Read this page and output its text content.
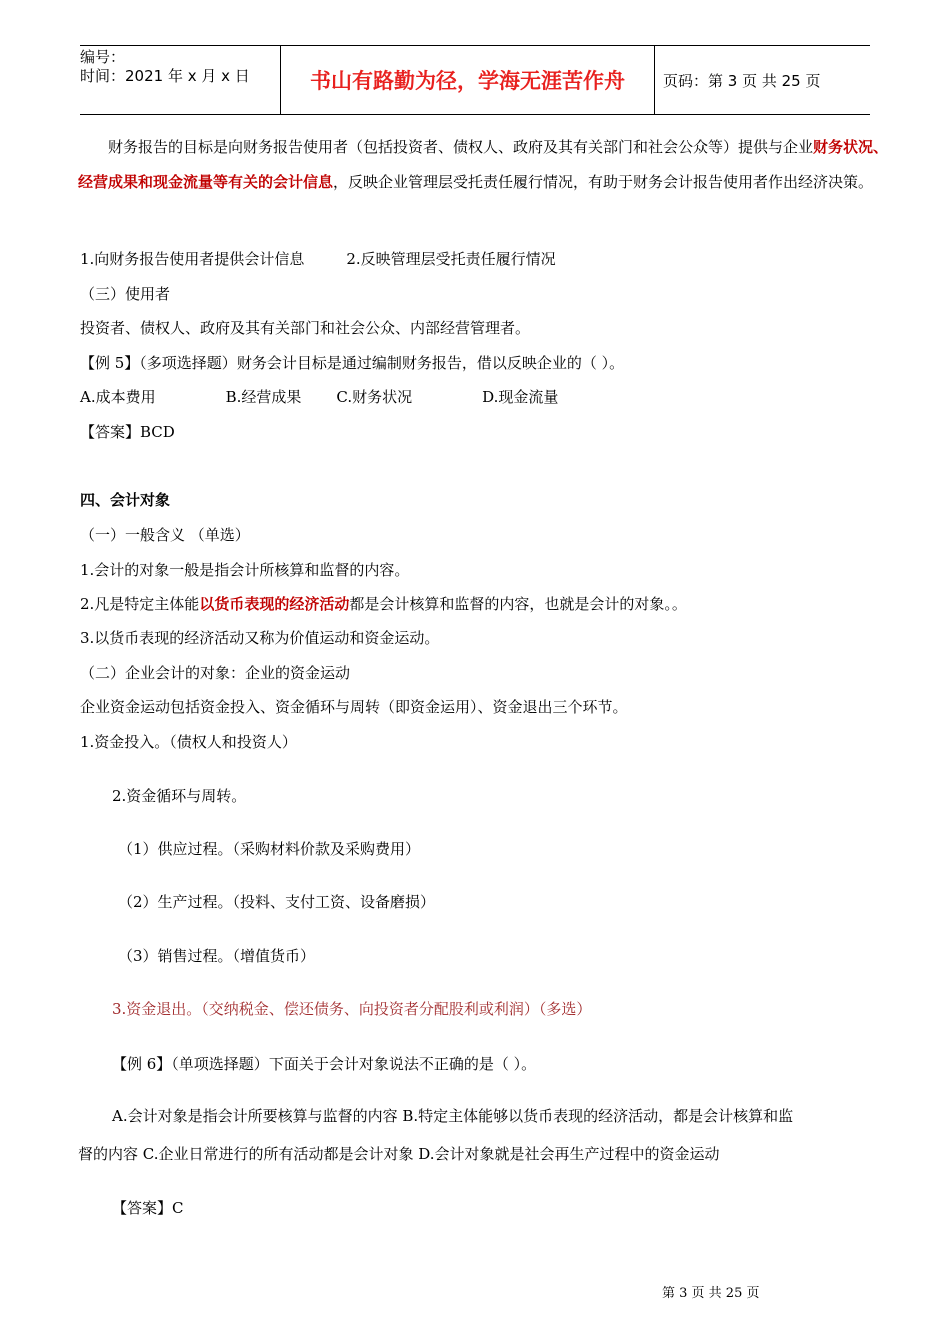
编号：
时间：2021 年 x 月 x 日	书山有路勤为径，学海无涯苦作舟	页码：第 3 页 共 25 页
财务报告的目标是向财务报告使用者（包括投资者、债权人、政府及其有关部门和社会公众等）提供与企业财务状况、经营成果和现金流量等有关的会计信息，反映企业管理层受托责任履行情况，有助于财务会计报告使用者作出经济决策。
1.向财务报告使用者提供会计信息	2.反映管理层受托责任履行情况
（三）使用者
投资者、债权人、政府及其有关部门和社会公众、内部经营管理者。
【例 5】（多项选择题）财务会计目标是通过编制财务报告，借以反映企业的（ ）。
A.成本费用	B.经营成果 C.财务状况	D.现金流量
【答案】BCD
四、会计对象
（一）一般含义 （单选）
1.会计的对象一般是指会计所核算和监督的内容。
2.凡是特定主体能以货币表现的经济活动都是会计核算和监督的内容，也就是会计的对象。。
3.以货币表现的经济活动又称为价值运动和资金运动。
（二）企业会计的对象：企业的资金运动
企业资金运动包括资金投入、资金循环与周转（即资金运用）、资金退出三个环节。
1.资金投入。（债权人和投资人）
2.资金循环与周转。
（1）供应过程。（采购材料价款及采购费用）
（2）生产过程。（投料、支付工资、设备磨损）
（3）销售过程。（增值货币）
3.资金退出。（交纳税金、偿还债务、向投资者分配股利或利润）（多选）
【例 6】（单项选择题）下面关于会计对象说法不正确的是（ ）。
A.会计对象是指会计所要核算与监督的内容 B.特定主体能够以货币表现的经济活动，都是会计核算和监
督的内容 C.企业日常进行的所有活动都是会计对象 D.会计对象就是社会再生产过程中的资金运动
【答案】C
第 3 页 共 25 页
